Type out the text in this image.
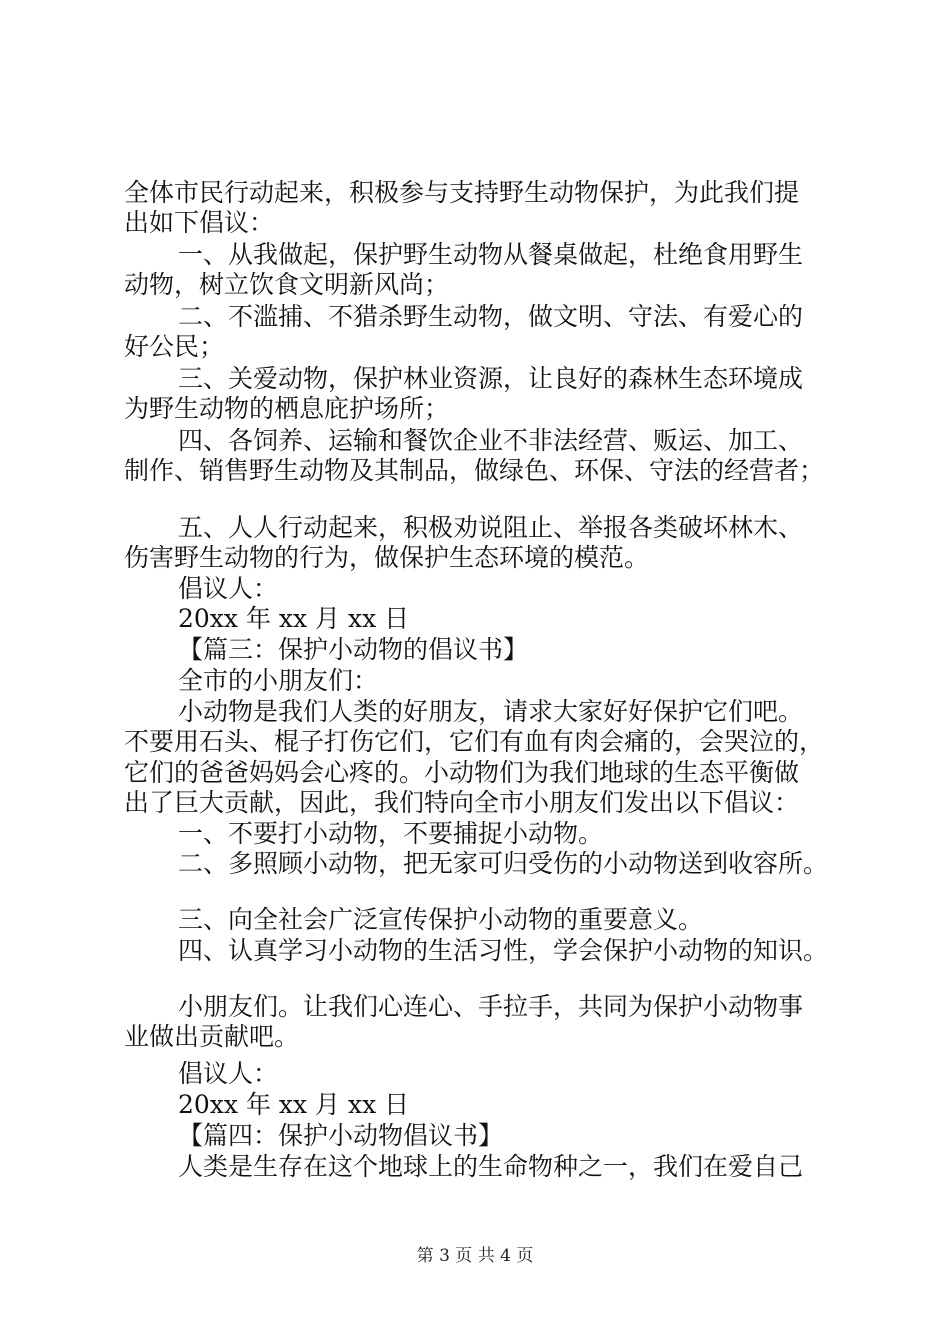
全体市民行动起来，积极参与支持野生动物保护，为此我们提
出如下倡议：
一、从我做起，保护野生动物从餐桌做起，杜绝食用野生
动物，树立饮食文明新风尚；
二、不滥捕、不猎杀野生动物，做文明、守法、有爱心的
好公民；
三、关爱动物，保护林业资源，让良好的森林生态环境成
为野生动物的栖息庇护场所；
四、各饲养、运输和餐饮企业不非法经营、贩运、加工、
制作、销售野生动物及其制品，做绿色、环保、守法的经营者；
五、人人行动起来，积极劝说阻止、举报各类破坏林木、
伤害野生动物的行为，做保护生态环境的模范。
倡议人：
20xx 年 xx 月 xx 日
【篇三：保护小动物的倡议书】
全市的小朋友们：
小动物是我们人类的好朋友，请求大家好好保护它们吧。
不要用石头、棍子打伤它们，它们有血有肉会痛的，会哭泣的，
它们的爸爸妈妈会心疼的。小动物们为我们地球的生态平衡做
出了巨大贡献，因此，我们特向全市小朋友们发出以下倡议：
一、不要打小动物，不要捕捉小动物。
二、多照顾小动物，把无家可归受伤的小动物送到收容所。
三、向全社会广泛宣传保护小动物的重要意义。
四、认真学习小动物的生活习性，学会保护小动物的知识。
小朋友们。让我们心连心、手拉手，共同为保护小动物事
业做出贡献吧。
倡议人：
20xx 年 xx 月 xx 日
【篇四：保护小动物倡议书】
人类是生存在这个地球上的生命物种之一，我们在爱自己
第 3 页 共 4 页
